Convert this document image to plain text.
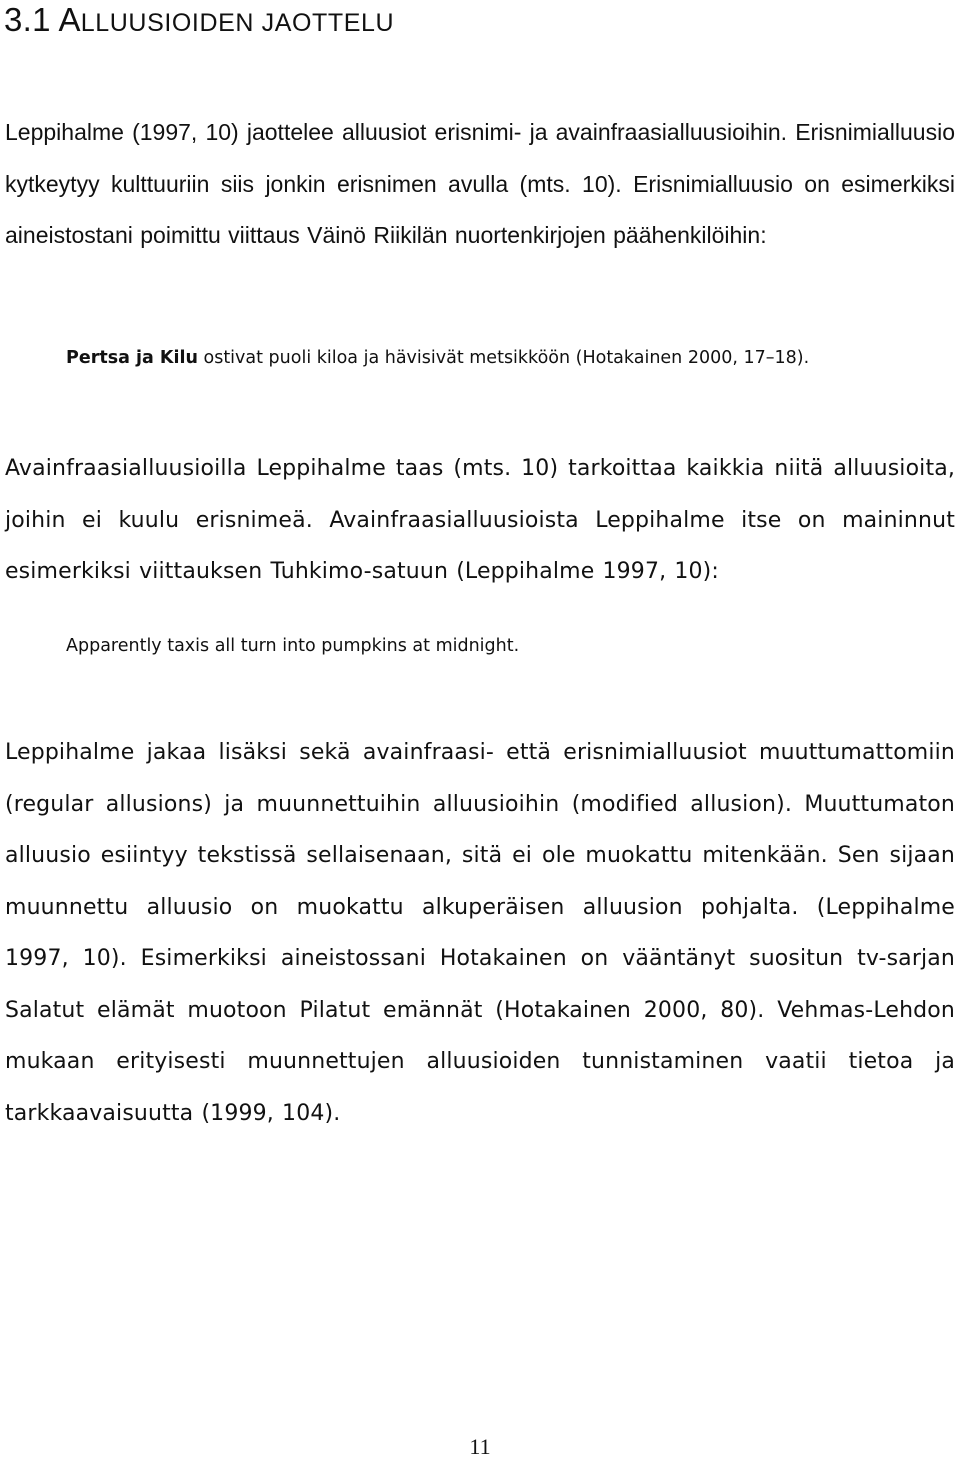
3.1 ALLUUSIOIDEN JAOTTELU

Leppihalme (1997, 10) jaottelee alluusiot erisnimi- ja avainfraasialluusioihin. Erisnimialluusio kytkeytyy kulttuuriin siis jonkin erisnimen avulla (mts. 10). Erisnimialluusio on esimerkiksi aineistostani poimittu viittaus Väinö Riikilän nuortenkirjojen päähenkilöihin:

Pertsa ja Kilu ostivat puoli kiloa ja hävisivät metsikköön (Hotakainen 2000, 17–18).

Avainfraasialluusioilla Leppihalme taas (mts. 10) tarkoittaa kaikkia niitä alluusioita, joihin ei kuulu erisnimeä. Avainfraasialluusioista Leppihalme itse on maininnut esimerkiksi viittauksen Tuhkimo-satuun (Leppihalme 1997, 10):

Apparently taxis all turn into pumpkins at midnight.

Leppihalme jakaa lisäksi sekä avainfraasi- että erisnimialluusiot muuttumattomiin (regular allusions) ja muunnettuihin alluusioihin (modified allusion). Muuttumaton alluusio esiintyy tekstissä sellaisenaan, sitä ei ole muokattu mitenkään. Sen sijaan muunnettu alluusio on muokattu alkuperäisen alluusion pohjalta. (Leppihalme 1997, 10). Esimerkiksi aineistossani Hotakainen on vääntänyt suositun tv-sarjan Salatut elämät muotoon Pilatut emännät (Hotakainen 2000, 80). Vehmas-Lehdon mukaan erityisesti muunnettujen alluusioiden tunnistaminen vaatii tietoa ja tarkkaavaisuutta (1999, 104).

11
